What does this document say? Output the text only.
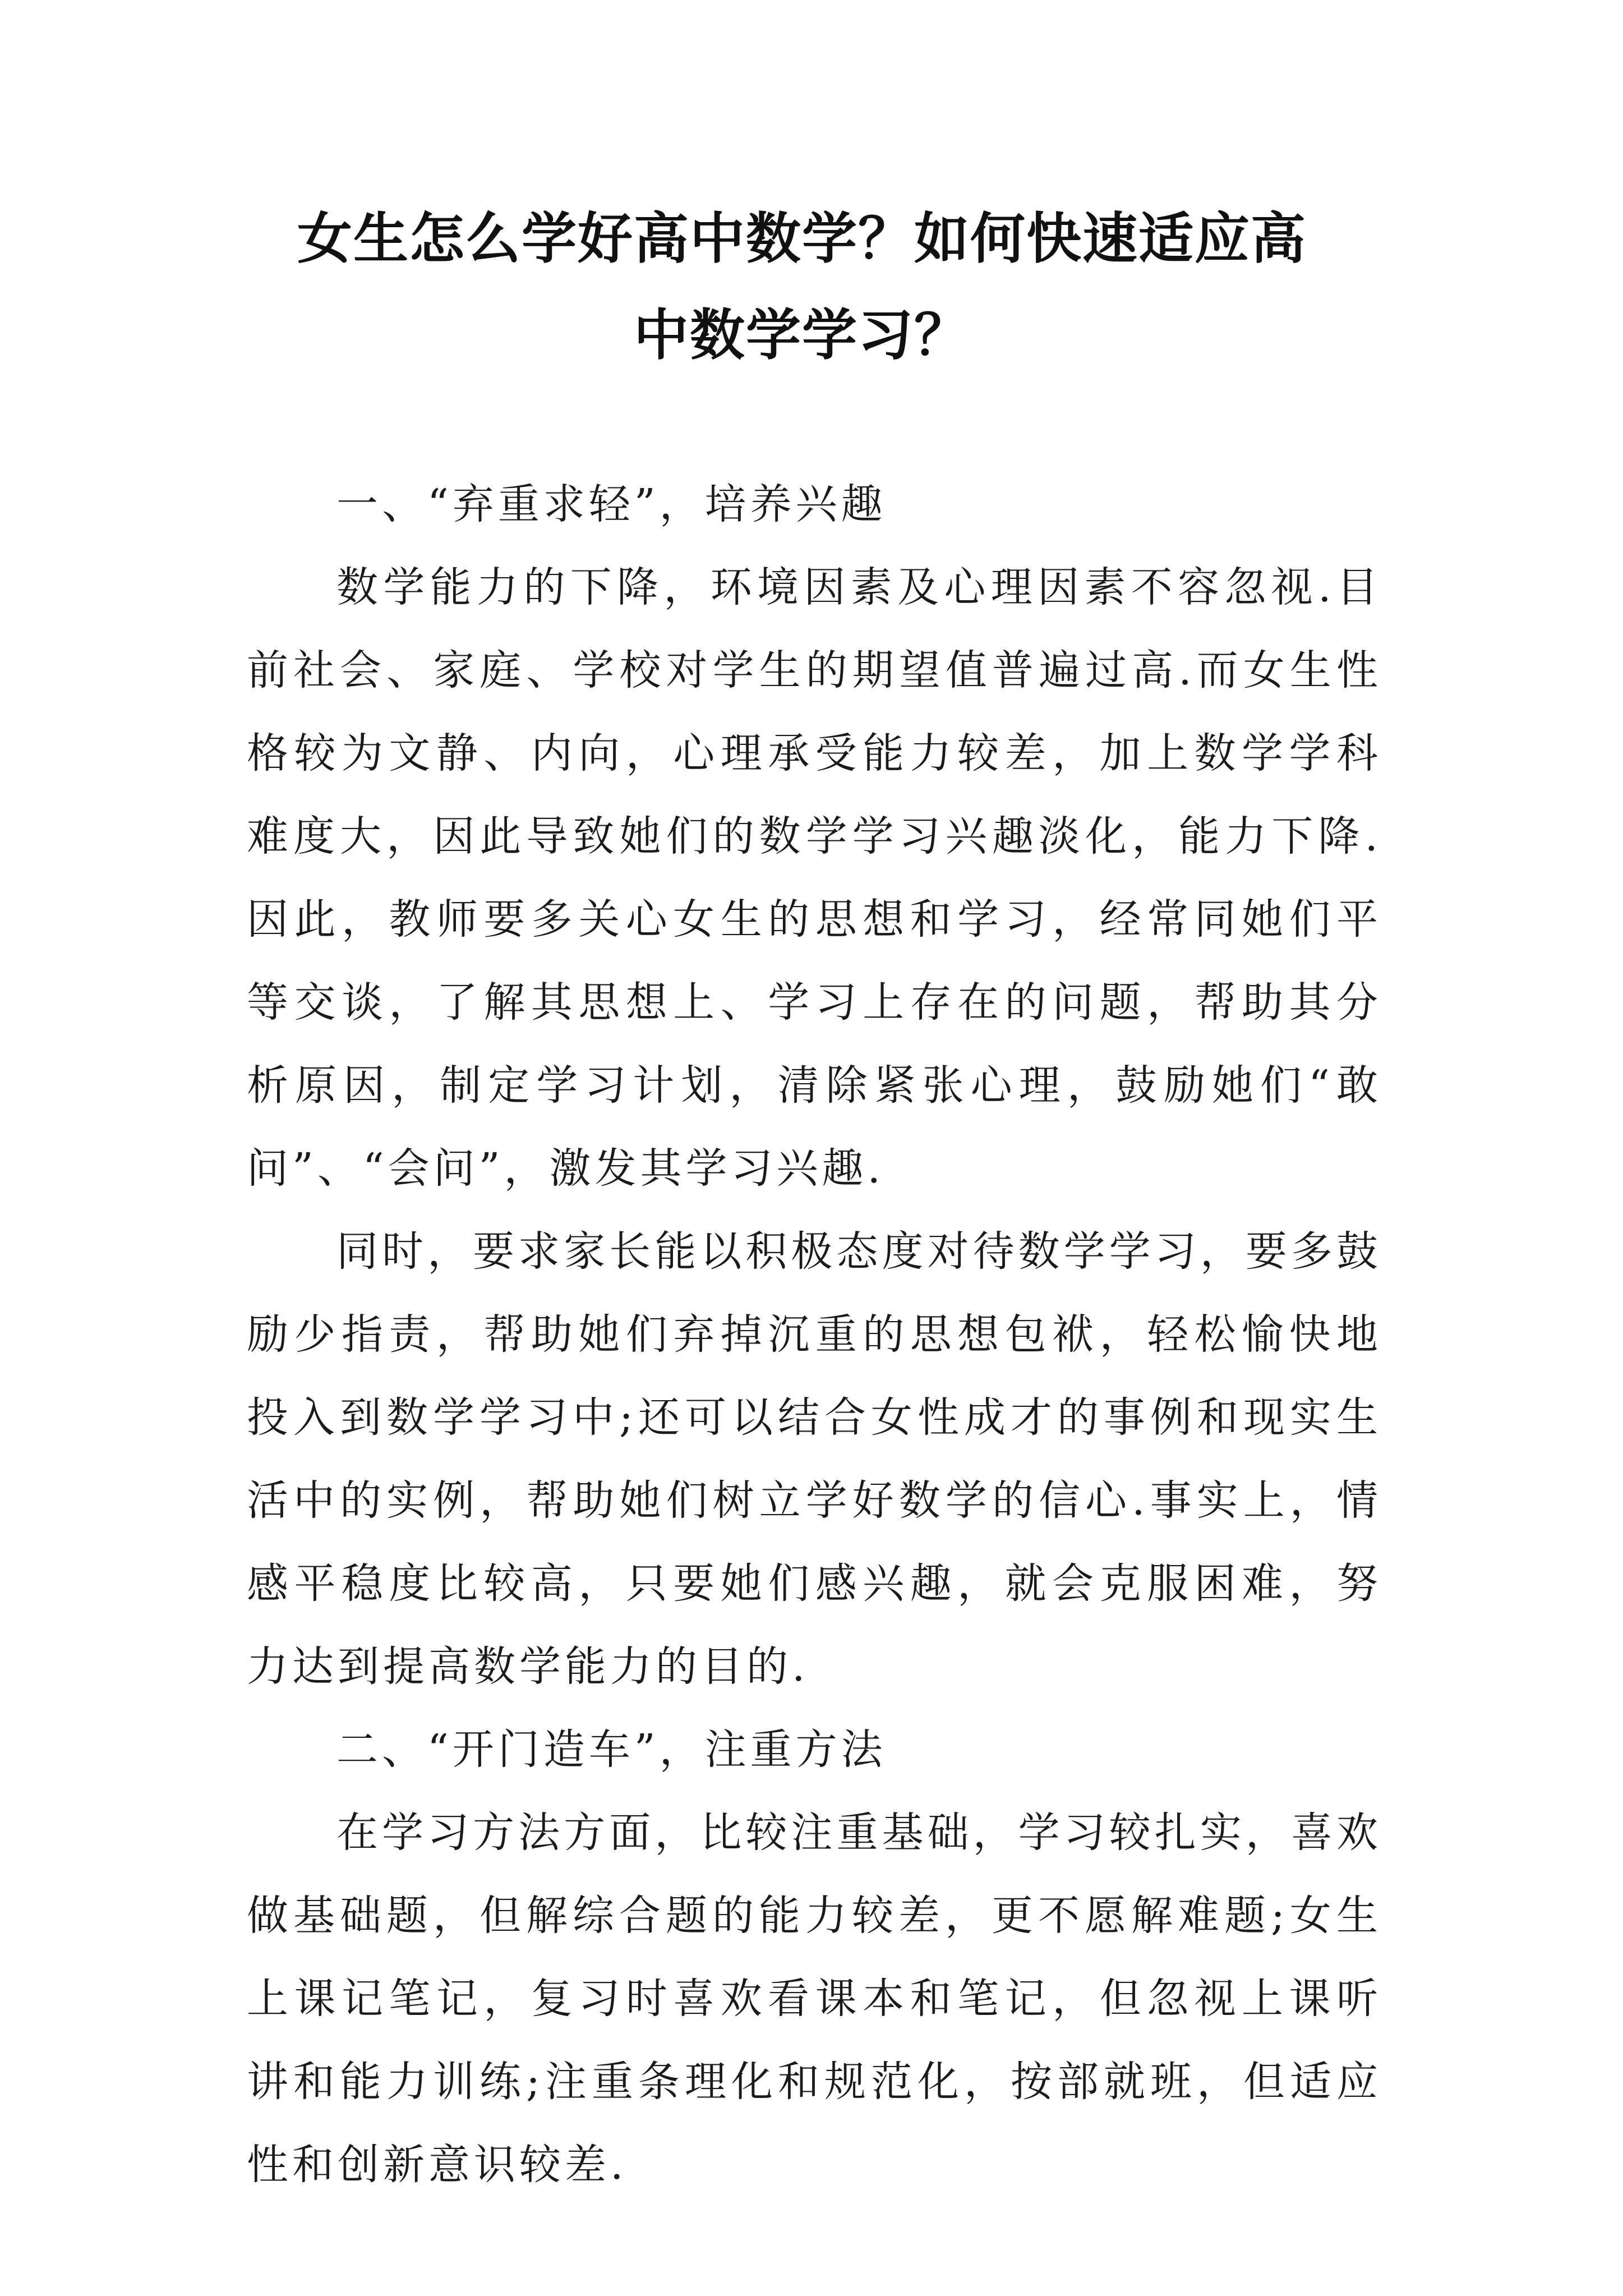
女生怎么学好高中数学？如何快速适应高
中数学学习？

一、“弃重求轻”，培养兴趣

数学能力的下降，环境因素及心理因素不容忽视.目前社会、家庭、学校对学生的期望值普遍过高.而女生性格较为文静、内向，心理承受能力较差，加上数学学科难度大，因此导致她们的数学学习兴趣淡化，能力下降.因此，教师要多关心女生的思想和学习，经常同她们平等交谈，了解其思想上、学习上存在的问题，帮助其分析原因，制定学习计划，清除紧张心理，鼓励她们“敢问”、“会问”，激发其学习兴趣.

同时，要求家长能以积极态度对待数学学习，要多鼓励少指责，帮助她们弃掉沉重的思想包袱，轻松愉快地投入到数学学习中;还可以结合女性成才的事例和现实生活中的实例，帮助她们树立学好数学的信心.事实上，情感平稳度比较高，只要她们感兴趣，就会克服困难，努力达到提高数学能力的目的.

二、“开门造车”，注重方法

在学习方法方面，比较注重基础，学习较扎实，喜欢做基础题，但解综合题的能力较差，更不愿解难题;女生上课记笔记，复习时喜欢看课本和笔记，但忽视上课听讲和能力训练;注重条理化和规范化，按部就班，但适应性和创新意识较差.
